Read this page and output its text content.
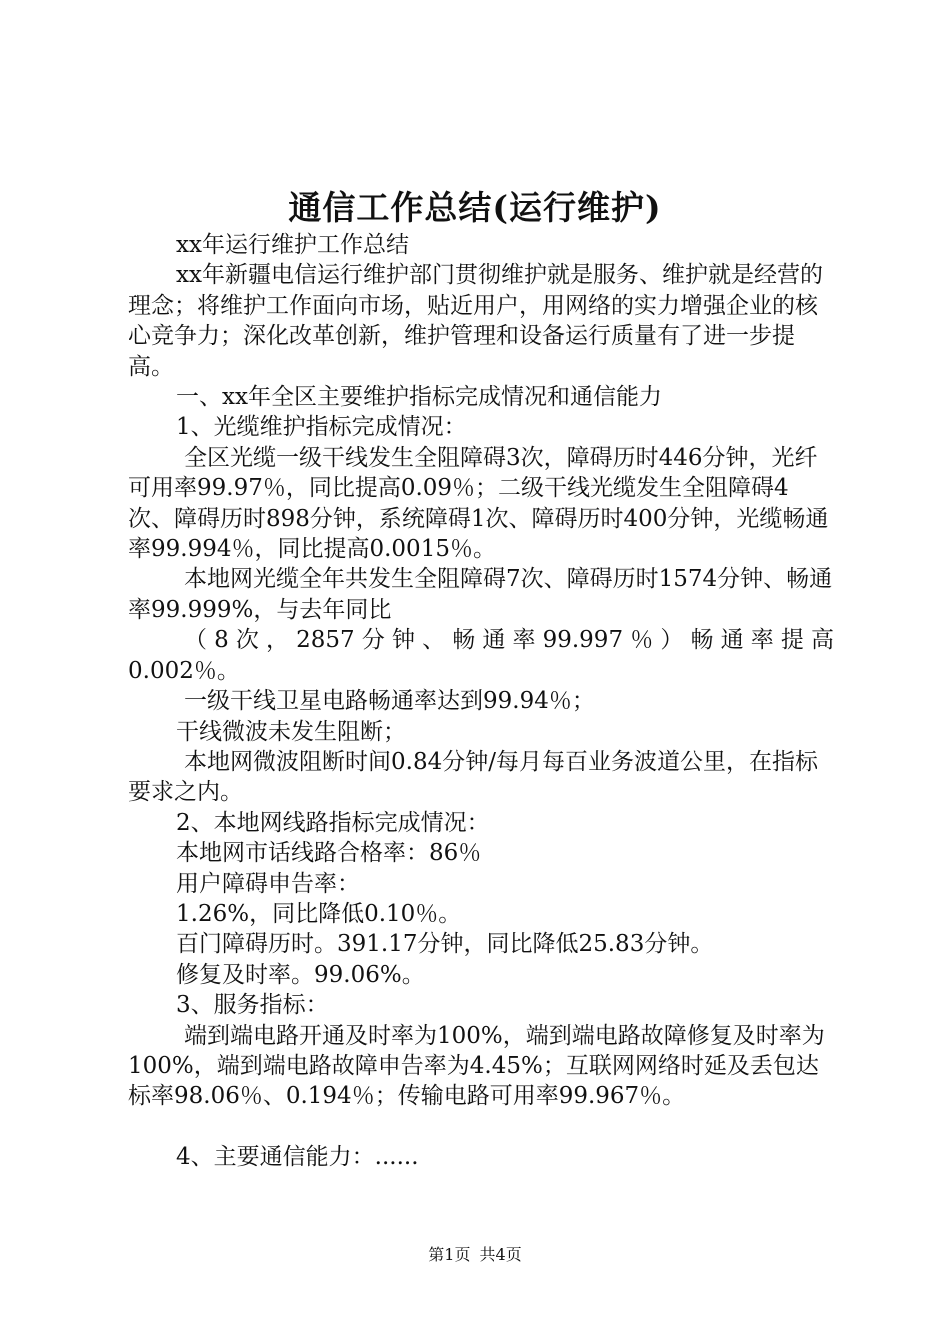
通信工作总结(运行维护)

xx年运行维护工作总结

xx年新疆电信运行维护部门贯彻维护就是服务、维护就是经营的理念；将维护工作面向市场，贴近用户，用网络的实力增强企业的核心竞争力；深化改革创新，维护管理和设备运行质量有了进一步提高。

一、xx年全区主要维护指标完成情况和通信能力

1、光缆维护指标完成情况：

全区光缆一级干线发生全阻障碍3次，障碍历时446分钟，光纤可用率99.97％，同比提高0.09％；二级干线光缆发生全阻障碍4次、障碍历时898分钟，系统障碍1次、障碍历时400分钟，光缆畅通率99.994％，同比提高0.0015％。

本地网光缆全年共发生全阻障碍7次、障碍历时1574分钟、畅通率99.999%，与去年同比

（8次，2857分钟、畅通率99.997％）畅通率提高

0.002％。

一级干线卫星电路畅通率达到99.94％；

干线微波未发生阻断；

本地网微波阻断时间0.84分钟/每月每百业务波道公里，在指标要求之内。

2、本地网线路指标完成情况：

本地网市话线路合格率：86％

用户障碍申告率：

1.26%，同比降低0.10％。

百门障碍历时。391.17分钟，同比降低25.83分钟。

修复及时率。99.06%。

3、服务指标：

端到端电路开通及时率为100%，端到端电路故障修复及时率为100%，端到端电路故障申告率为4.45%；互联网网络时延及丢包达标率98.06％、0.194％；传输电路可用率99.967％。

4、主要通信能力：......

第1页 共4页
